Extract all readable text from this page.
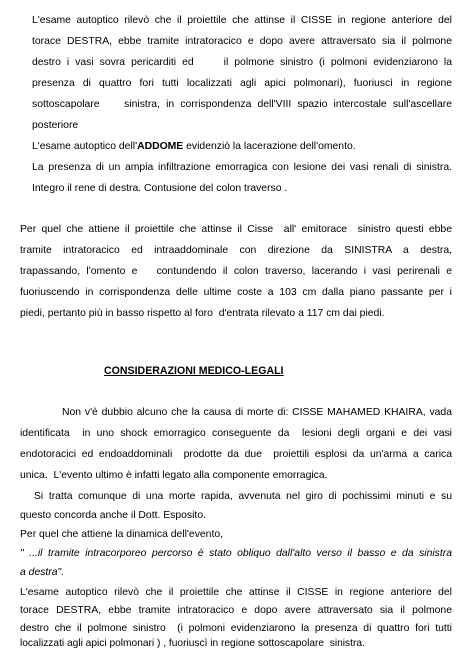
L'esame autoptico rilevò che il proiettile che attinse il CISSE in regione anteriore del
torace DESTRA, ebbe tramite intratoracico e dopo avere attraversato sia il polmone
destro i vasi sovra pericarditi ed     il polmone sinistro (i polmoni evidenziarono la
presenza di quattro fori tutti localizzati agli apici polmonari), fuoriuscì in regione
sottoscapolare    sinistra, in corrispondenza dell'VIII spazio intercostale sull'ascellare
posteriore
L'esame autoptico dell'ADDOME evidenziò la lacerazione dell'omento.
La presenza di un ampia infiltrazione emorragica con lesione dei vasi renali di sinistra.
Integro il rene di destra. Contusione del colon traverso .
Per quel che attiene il proiettile che attinse il Cisse  all' emitorace  sinistro questi ebbe
tramite intratoracico ed intraaddominale con direzione da SINISTRA a destra,
trapassando, l'omento e   contundendo il colon traverso, lacerando i vasi perirenali e
fuoriuscendo in corrispondenza delle ultime coste a 103 cm dalla piano passante per i
piedi, pertanto più in basso rispetto al foro  d'entrata rilevato a 117 cm dai piedi.
CONSIDERAZIONI MEDICO-LEGALI
Non v'è dubbio alcuno che la causa di morte di: CISSE MAHAMED KHAIRA, vada
identificata  in uno shock emorragico conseguente da  lesioni degli organi e dei vasi
endotoracici ed endoaddominali  prodotte da due  proiettili esplosi da un'arma a carica
unica.  L'evento ultimo è infatti legato alla componente emorragica.
Si tratta comunque di una morte rapida, avvenuta nel giro di pochissimi minuti e su
questo concorda anche il Dott. Esposito.
Per quel che attiene la dinamica dell'evento,
" ...il tramite intracorporeo percorso è stato obliquo dall'alto verso il basso e da sinistra
a destra".
L'esame autoptico rilevò che il proiettile che attinse il CISSE in regione anteriore del
torace DESTRA, ebbe tramite intratoracico e dopo avere attraversato sia il polmone
destro che il polmone sinistro  (i polmoni evidenziarono la presenza di quattro fori tutti
localizzati agli apici polmonari ) , fuoriuscì in regione sottoscapolare  sinistra.
